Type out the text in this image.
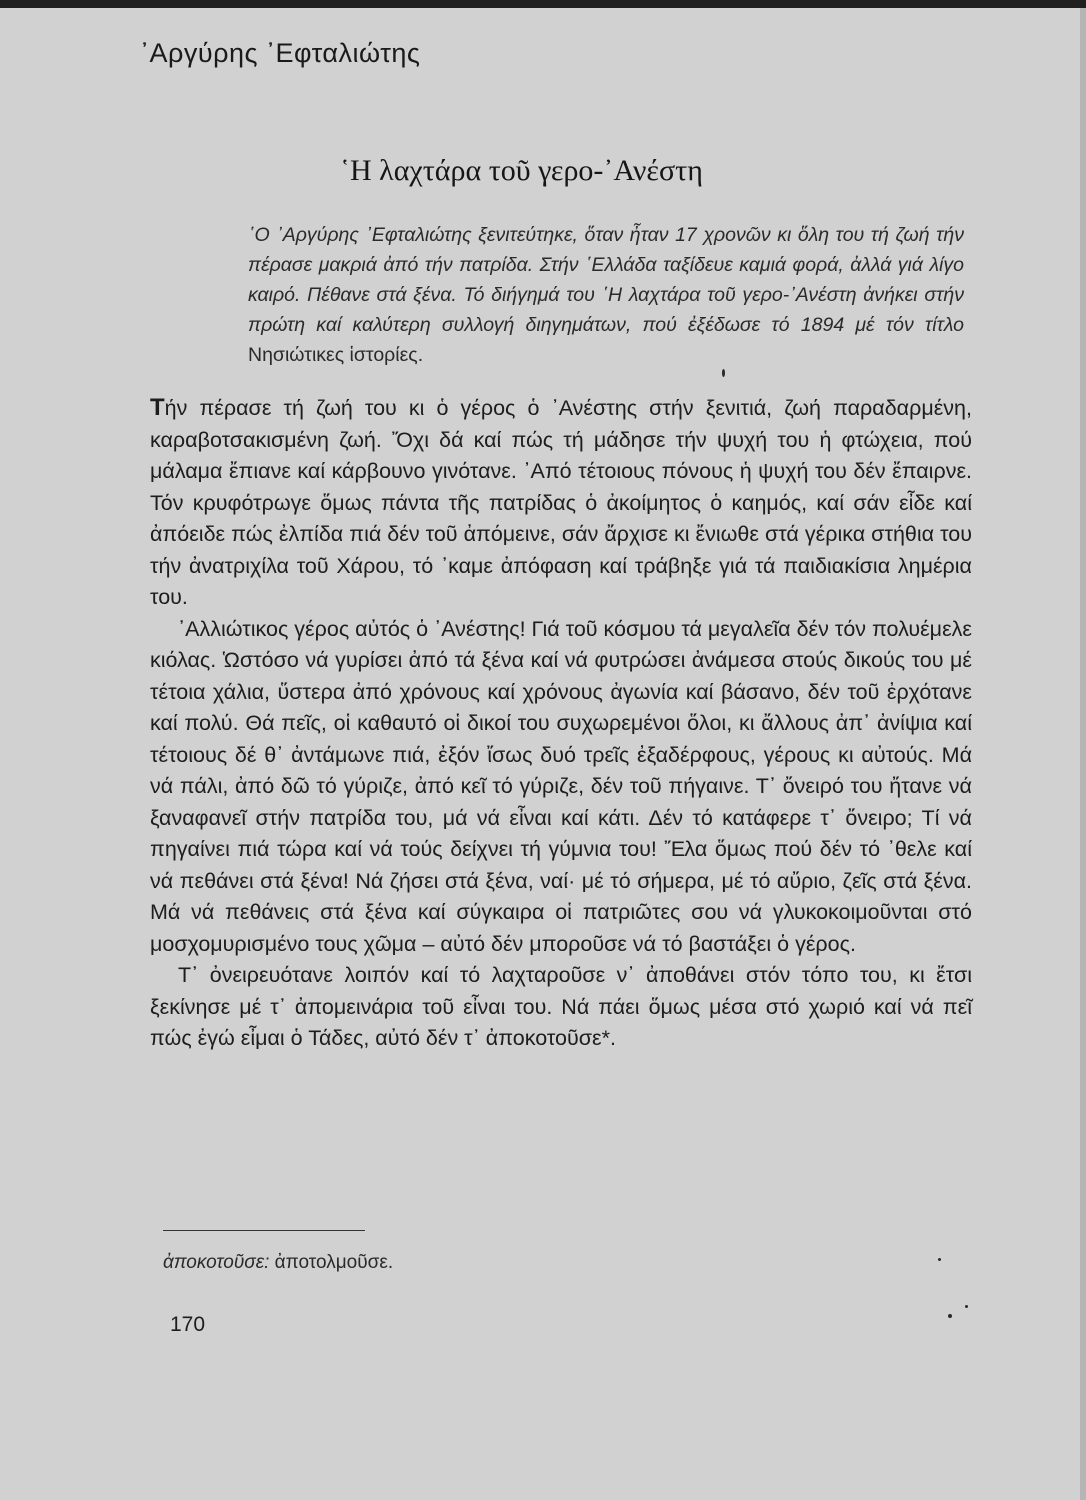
᾿Αργύρης ᾿Εφταλιώτης
῾Η λαχτάρα τοῦ γερο-᾿Ανέστη
῾Ο ᾿Αργύρης ᾿Εφταλιώτης ξενιτεύτηκε, ὅταν ἦταν 17 χρονῶν κι ὅλη του τή ζωή τήν πέρασε μακριά ἀπό τήν πατρίδα. Στήν ῾Ελλάδα ταξίδευε καμιά φορά, ἀλλά γιά λίγο καιρό. Πέθανε στά ξένα. Τό διήγημά του ῾Η λαχτάρα τοῦ γερο-᾿Ανέστη ἀνήκει στήν πρώτη καί καλύτερη συλλογή διηγημάτων, πού ἐξέδωσε τό 1894 μέ τόν τίτλο Νησιώτικες ἱστορίες.

Τήν πέρασε τή ζωή του κι ὁ γέρος ὁ ᾿Ανέστης στήν ξενιτιά, ζωή παραδαρμένη, καραβοτσακισμένη ζωή. Ὄχι δά καί πώς τή μάδησε τήν ψυχή του ἡ φτώχεια, πού μάλαμα ἔπιανε καί κάρβουνο γινότανε. ᾿Από τέτοιους πόνους ἡ ψυχή του δέν ἔπαιρνε. Τόν κρυφότρωγε ὅμως πάντα τῆς πατρίδας ὁ ἀκοίμητος ὁ καημός, καί σάν εἶδε καί ἀπόειδε πώς ἐλπίδα πιά δέν τοῦ ἀπόμεινε, σάν ἄρχισε κι ἔνιωθε στά γέρικα στήθια του τήν ἀνατριχίλα τοῦ Χάρου, τό ᾿καμε ἀπόφαση καί τράβηξε γιά τά παιδιακίσια λημέρια του.

᾿Αλλιώτικος γέρος αὐτός ὁ ᾿Ανέστης! Γιά τοῦ κόσμου τά μεγαλεῖα δέν τόν πολυέμελε κιόλας. Ὡστόσο νά γυρίσει ἀπό τά ξένα καί νά φυτρώσει ἀνάμεσα στούς δικούς του μέ τέτοια χάλια, ὕστερα ἀπό χρόνους καί χρόνους ἀγωνία καί βάσανο, δέν τοῦ ἐρχότανε καί πολύ. Θά πεῖς, οἱ καθαυτό οἱ δικοί του συχωρεμένοι ὅλοι, κι ἄλλους ἀπ᾿ ἀνίψια καί τέτοιους δέ θ᾿ ἀντάμωνε πιά, ἐξόν ἴσως δυό τρεῖς ἐξαδέρφους, γέρους κι αὐτούς. Μά νά πάλι, ἀπό δῶ τό γύριζε, ἀπό κεῖ τό γύριζε, δέν τοῦ πήγαινε. Τ᾿ ὄνειρό του ἤτανε νά ξαναφανεῖ στήν πατρίδα του, μά νά εἶναι καί κάτι. Δέν τό κατάφερε τ᾿ ὄνειρο; Τί νά πηγαίνει πιά τώρα καί νά τούς δείχνει τή γύμνια του! Ἔλα ὅμως πού δέν τό ᾿θελε καί νά πεθάνει στά ξένα! Νά ζήσει στά ξένα, ναί· μέ τό σήμερα, μέ τό αὔριο, ζεῖς στά ξένα. Μά νά πεθάνεις στά ξένα καί σύγκαιρα οἱ πατριῶτες σου νά γλυκοκοιμοῦνται στό μοσχομυρισμένο τους χῶμα – αὐτό δέν μποροῦσε νά τό βαστάξει ὁ γέρος.

Τ᾿ ὀνειρευότανε λοιπόν καί τό λαχταροῦσε ν᾿ ἀποθάνει στόν τόπο του, κι ἔτσι ξεκίνησε μέ τ᾿ ἀπομεινάρια τοῦ εἶναι του. Νά πάει ὅμως μέσα στό χωριό καί νά πεῖ πώς ἐγώ εἶμαι ὁ Τάδες, αὐτό δέν τ᾿ ἀποκοτοῦσε*.

ἀποκοτοῦσε: ἀποτολμοῦσε.
170
